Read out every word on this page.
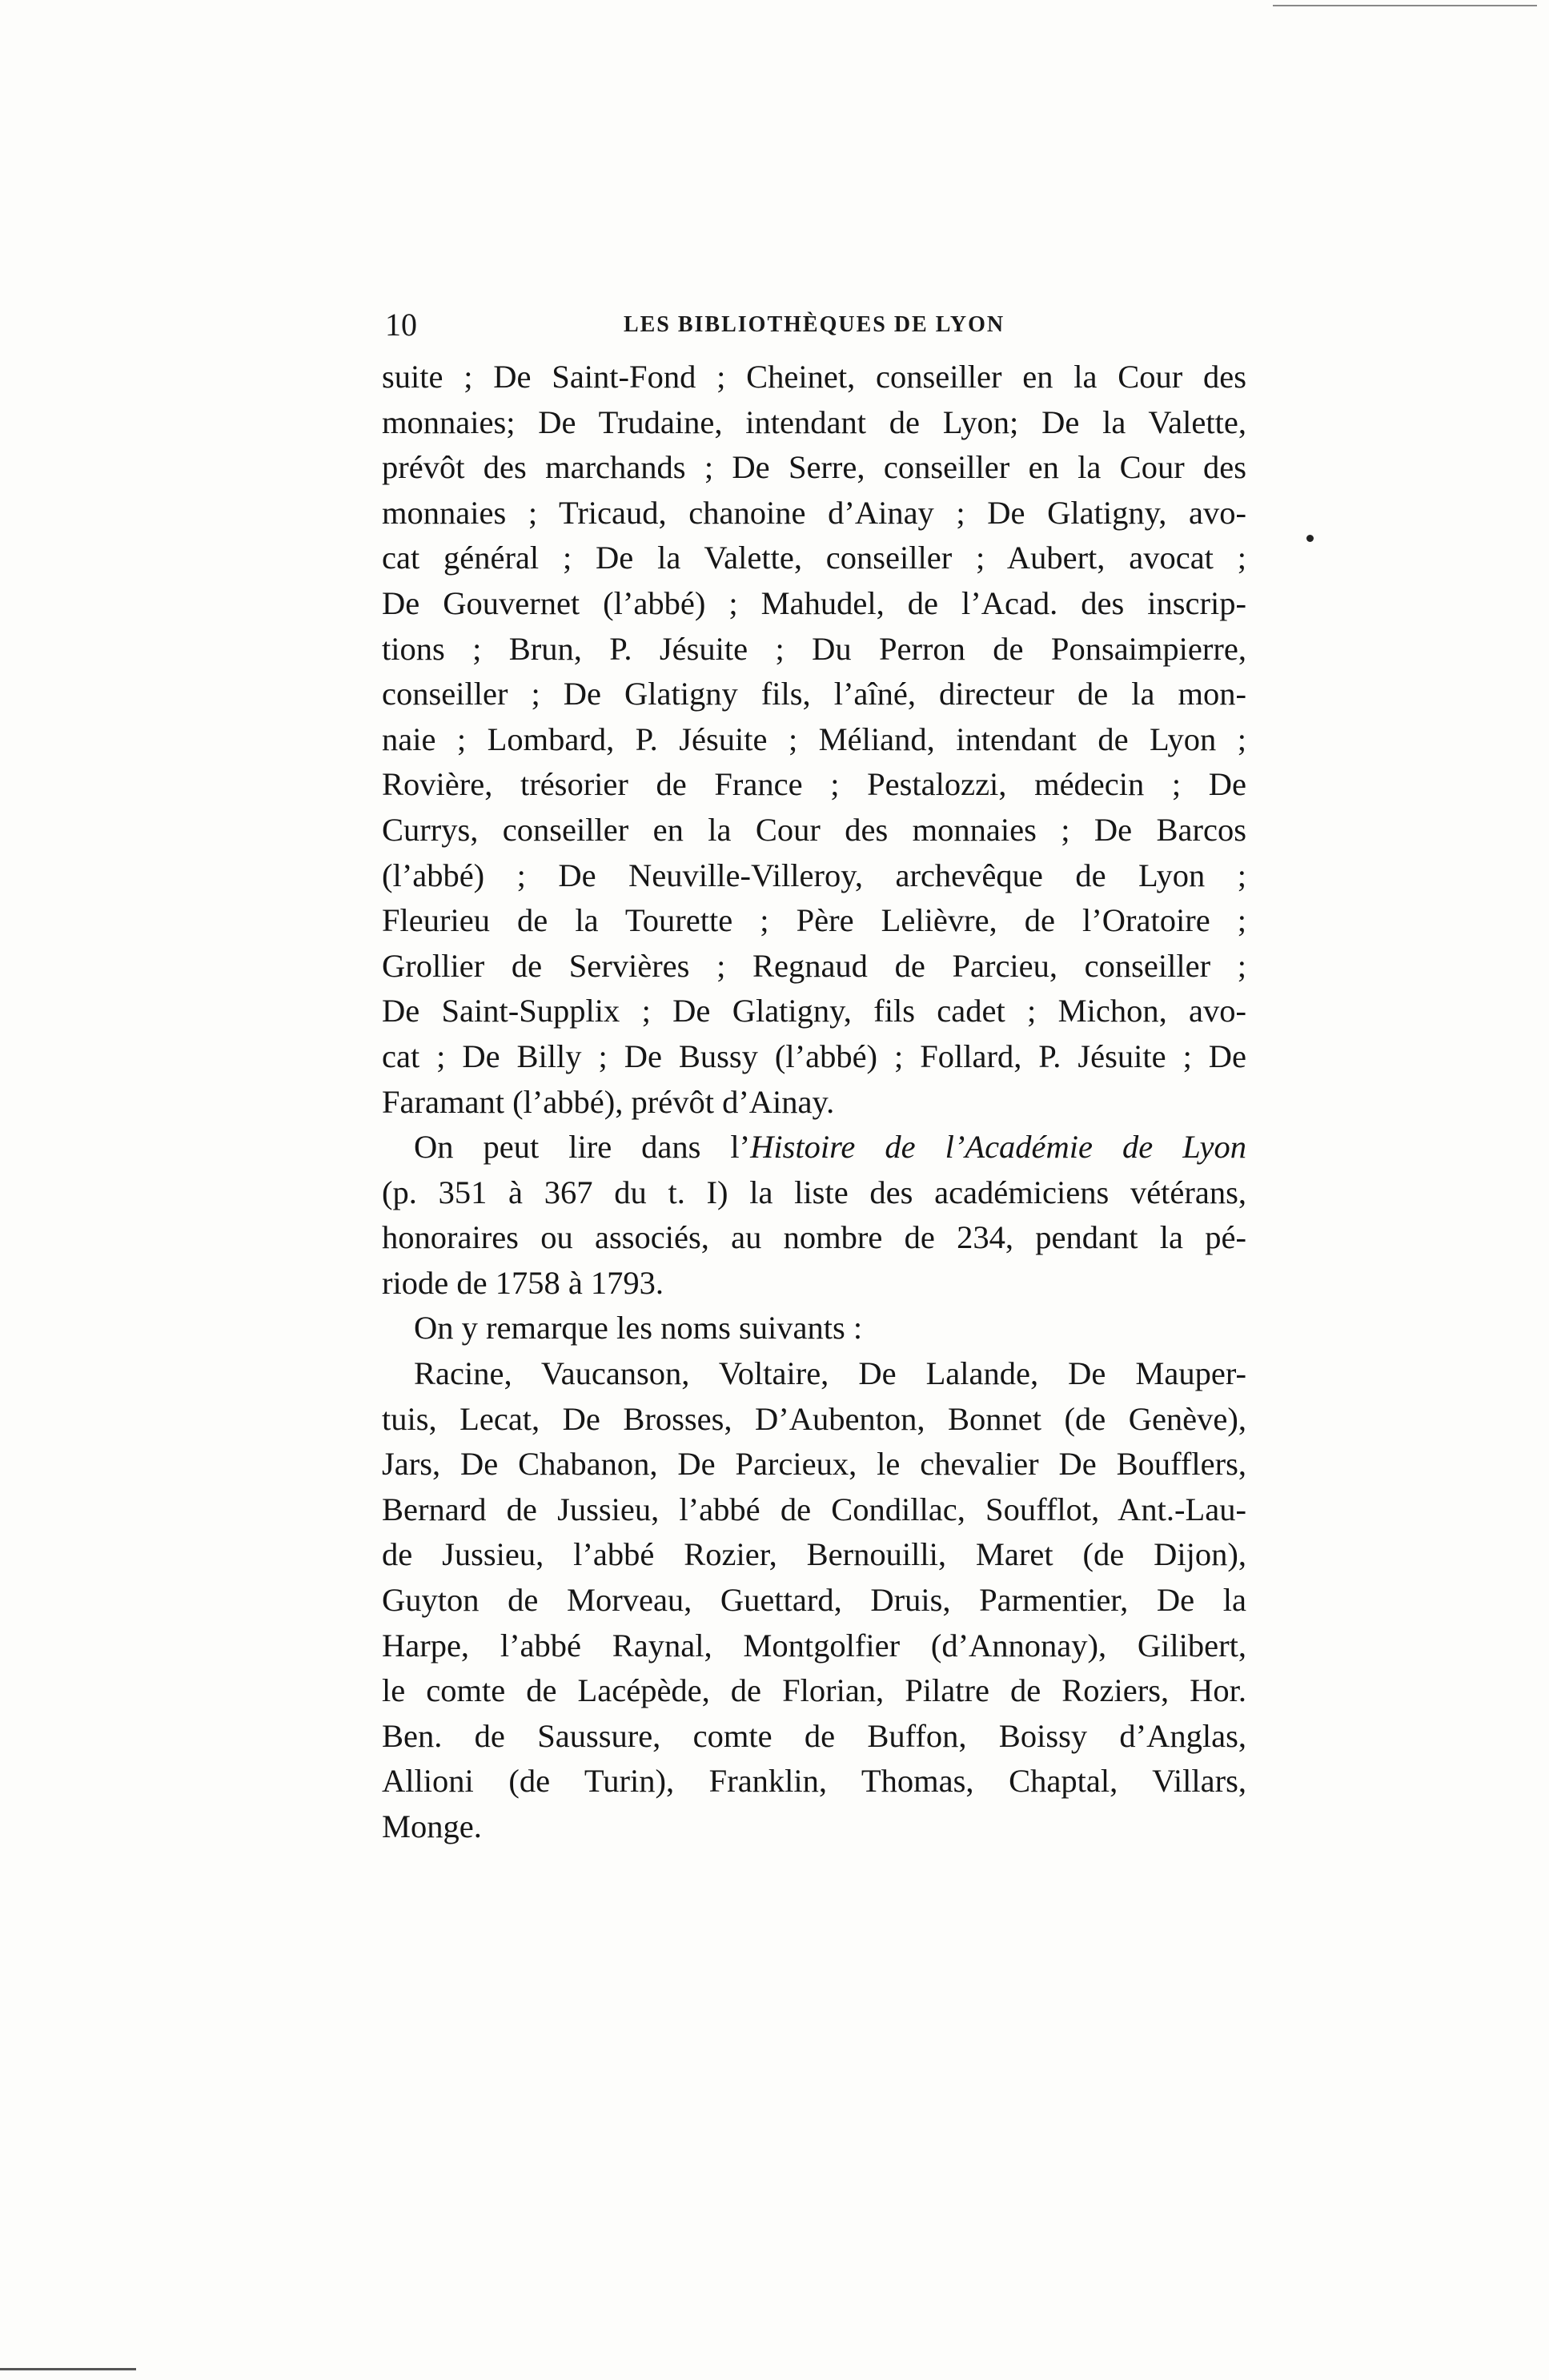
10	LES BIBLIOTHÈQUES DE LYON
suite ; De Saint-Fond ; Cheinet, conseiller en la Cour des
monnaies; De Trudaine, intendant de Lyon; De la Valette,
prévôt des marchands ; De Serre, conseiller en la Cour des
monnaies ; Tricaud, chanoine d’Ainay ; De Glatigny, avo-
cat général ; De la Valette, conseiller ; Aubert, avocat ;
De Gouvernet (l’abbé) ; Mahudel, de l’Acad. des inscrip-
tions ; Brun, P. Jésuite ; Du Perron de Ponsaimpierre,
conseiller ; De Glatigny fils, l’aîné, directeur de la mon-
naie ; Lombard, P. Jésuite ; Méliand, intendant de Lyon ;
Rovière, trésorier de France ; Pestalozzi, médecin ; De
Currys, conseiller en la Cour des monnaies ; De Barcos
(l’abbé) ; De Neuville-Villeroy, archevêque de Lyon ;
Fleurieu de la Tourette ; Père Lelièvre, de l’Oratoire ;
Grollier de Servières ; Regnaud de Parcieu, conseiller ;
De Saint-Supplix ; De Glatigny, fils cadet ; Michon, avo-
cat ; De Billy ; De Bussy (l’abbé) ; Follard, P. Jésuite ; De
Faramant (l’abbé), prévôt d’Ainay.
On peut lire dans l’Histoire de l’Académie de Lyon
(p. 351 à 367 du t. I) la liste des académiciens vétérans,
honoraires ou associés, au nombre de 234, pendant la pé-
riode de 1758 à 1793.
On y remarque les noms suivants :
Racine, Vaucanson, Voltaire, De Lalande, De Mauper-
tuis, Lecat, De Brosses, D’Aubenton, Bonnet (de Genève),
Jars, De Chabanon, De Parcieux, le chevalier De Boufflers,
Bernard de Jussieu, l’abbé de Condillac, Soufflot, Ant.-Lau-
de Jussieu, l’abbé Rozier, Bernouilli, Maret (de Dijon),
Guyton de Morveau, Guettard, Druis, Parmentier, De la
Harpe, l’abbé Raynal, Montgolfier (d’Annonay), Gilibert,
le comte de Lacépède, de Florian, Pilatre de Roziers, Hor.
Ben. de Saussure, comte de Buffon, Boissy d’Anglas,
Allioni (de Turin), Franklin, Thomas, Chaptal, Villars,
Monge.
